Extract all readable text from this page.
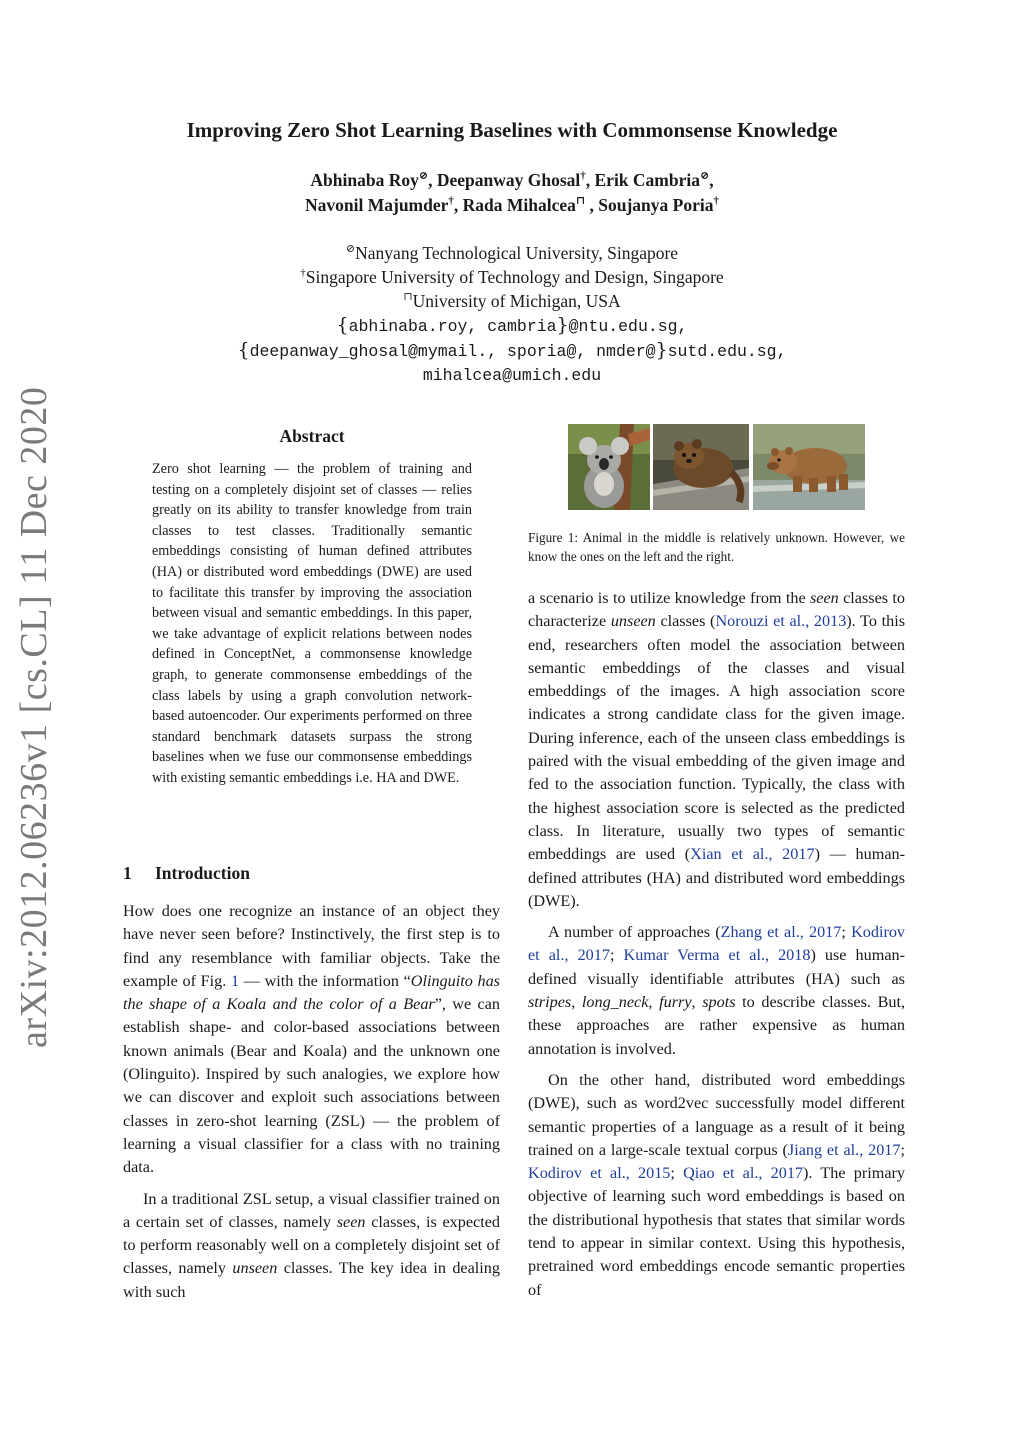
arXiv:2012.06236v1 [cs.CL] 11 Dec 2020
Improving Zero Shot Learning Baselines with Commonsense Knowledge
Abhinaba Roy⊘, Deepanway Ghosal†, Erik Cambria⊘,
Navonil Majumder†, Rada Mihalcea⊓ , Soujanya Poria†
⊘Nanyang Technological University, Singapore
†Singapore University of Technology and Design, Singapore
⊓University of Michigan, USA
{abhinaba.roy, cambria}@ntu.edu.sg,
{deepanway_ghosal@mymail., sporia@, nmder@}sutd.edu.sg,
mihalcea@umich.edu
Abstract
Zero shot learning — the problem of training and testing on a completely disjoint set of classes — relies greatly on its ability to transfer knowledge from train classes to test classes. Traditionally semantic embeddings consisting of human defined attributes (HA) or distributed word embeddings (DWE) are used to facilitate this transfer by improving the association between visual and semantic embeddings. In this paper, we take advantage of explicit relations between nodes defined in ConceptNet, a commonsense knowledge graph, to generate commonsense embeddings of the class labels by using a graph convolution network-based autoencoder. Our experiments performed on three standard benchmark datasets surpass the strong baselines when we fuse our commonsense embeddings with existing semantic embeddings i.e. HA and DWE.
1 Introduction

How does one recognize an instance of an object they have never seen before? Instinctively, the first step is to find any resemblance with familiar objects. Take the example of Fig. 1 — with the information “Olinguito has the shape of a Koala and the color of a Bear”, we can establish shape- and color-based associations between known animals (Bear and Koala) and the unknown one (Olinguito). Inspired by such analogies, we explore how we can discover and exploit such associations between classes in zero-shot learning (ZSL) — the problem of learning a visual classifier for a class with no training data.

In a traditional ZSL setup, a visual classifier trained on a certain set of classes, namely seen classes, is expected to perform reasonably well on a completely disjoint set of classes, namely unseen classes. The key idea in dealing with such

Figure 1: Animal in the middle is relatively unknown. However, we know the ones on the left and the right.

a scenario is to utilize knowledge from the seen classes to characterize unseen classes (Norouzi et al., 2013). To this end, researchers often model the association between semantic embeddings of the classes and visual embeddings of the images. A high association score indicates a strong candidate class for the given image. During inference, each of the unseen class embeddings is paired with the visual embedding of the given image and fed to the association function. Typically, the class with the highest association score is selected as the predicted class. In literature, usually two types of semantic embeddings are used (Xian et al., 2017) — human-defined attributes (HA) and distributed word embeddings (DWE).

A number of approaches (Zhang et al., 2017; Kodirov et al., 2017; Kumar Verma et al., 2018) use human-defined visually identifiable attributes (HA) such as stripes, long_neck, furry, spots to describe classes. But, these approaches are rather expensive as human annotation is involved.

On the other hand, distributed word embeddings (DWE), such as word2vec successfully model different semantic properties of a language as a result of it being trained on a large-scale textual corpus (Jiang et al., 2017; Kodirov et al., 2015; Qiao et al., 2017). The primary objective of learning such word embeddings is based on the distributional hypothesis that states that similar words tend to appear in similar context. Using this hypothesis, pretrained word embeddings encode semantic properties of
